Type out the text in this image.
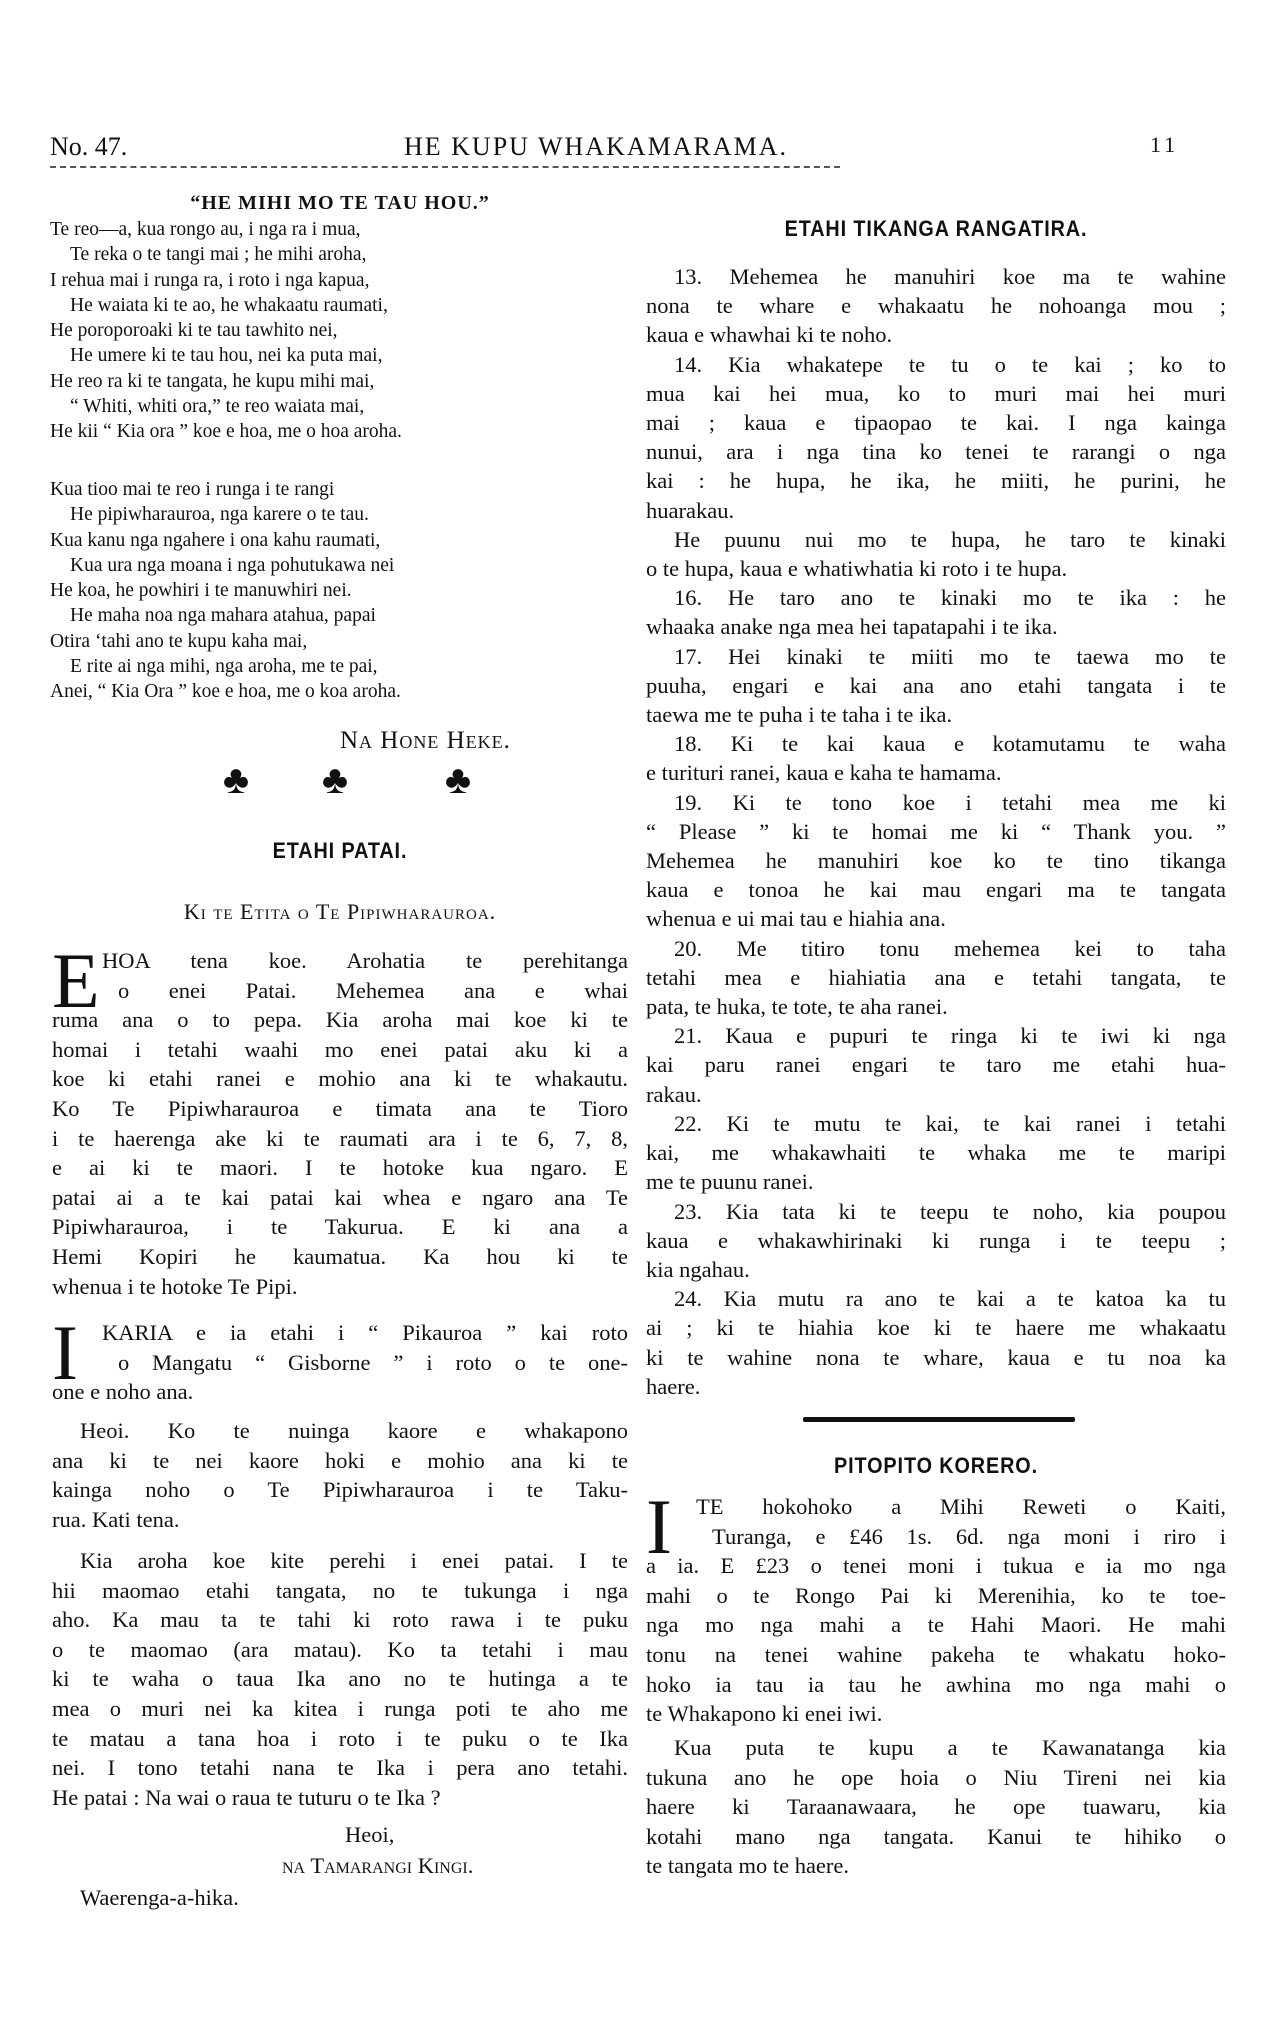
No. 47.	HE KUPU WHAKAMARAMA.	11
“HE MIHI MO TE TAU HOU.”
Te reo—a, kua rongo au, i nga ra i mua,
Te reka o te tangi mai ; he mihi aroha,
I rehua mai i runga ra, i roto i nga kapua,
He waiata ki te ao, he whakaatu raumati,
He poroporoaki ki te tau tawhito nei,
He umere ki te tau hou, nei ka puta mai,
He reo ra ki te tangata, he kupu mihi mai,
“ Whiti, whiti ora,” te reo waiata mai,
He kii “ Kia ora ” koe e hoa, me o hoa aroha.
Kua tioo mai te reo i runga i te rangi
He pipiwharauroa, nga karere o te tau.
Kua kanu nga ngahere i ona kahu raumati,
Kua ura nga moana i nga pohutukawa nei
He koa, he powhiri i te manuwhiri nei.
He maha noa nga mahara atahua, papai
Otira ‘tahi ano te kupu kaha mai,
E rite ai nga mihi, nga aroha, me te pai,
Anei, “ Kia Ora ” koe e hoa, me o koa aroha.
Na Hone Heke.
♣ ♣ ♣
ETAHI PATAI.
Ki te Etita o Te Pipiwharauroa.
E HOA tena koe. Arohatia te perehitanga
o enei Patai. Mehemea ana e whai
ruma ana o to pepa. Kia aroha mai koe ki te
homai i tetahi waahi mo enei patai aku ki a
koe ki etahi ranei e mohio ana ki te whakautu.
Ko Te Pipiwharauroa e timata ana te Tioro
i te haerenga ake ki te raumati ara i te 6, 7, 8,
e ai ki te maori. I te hotoke kua ngaro. E
patai ai a te kai patai kai whea e ngaro ana Te
Pipiwharauroa, i te Takurua. E ki ana a
Hemi Kopiri he kaumatua. Ka hou ki te
whenua i te hotoke Te Pipi.
I	KARIA e ia etahi i “ Pikauroa ” kai roto
o Mangatu “ Gisborne ” i roto o te one-
one e noho ana.
Heoi. Ko te nuinga kaore e whakapono
ana ki te nei kaore hoki e mohio ana ki te
kainga noho o Te Pipiwharauroa i te Taku-
rua. Kati tena.
Kia aroha koe kite perehi i enei patai. I te
hii maomao etahi tangata, no te tukunga i nga
aho. Ka mau ta te tahi ki roto rawa i te puku
o te maomao (ara matau). Ko ta tetahi i mau
ki te waha o taua Ika ano no te hutinga a te
mea o muri nei ka kitea i runga poti te aho me
te matau a tana hoa i roto i te puku o te Ika
nei. I tono tetahi nana te Ika i pera ano tetahi.
He patai : Na wai o raua te tuturu o te Ika ?
Heoi,
na Tamarangi Kingi.
Waerenga-a-hika.
ETAHI TIKANGA RANGATIRA.
13. Mehemea he manuhiri koe ma te wahine
nona te whare e whakaatu he nohoanga mou ;
kaua e whawhai ki te noho.
14. Kia whakatepe te tu o te kai ; ko to
mua kai hei mua, ko to muri mai hei muri
mai ; kaua e tipaopao te kai. I nga kainga
nunui, ara i nga tina ko tenei te rarangi o nga
kai : he hupa, he ika, he miiti, he purini, he
huarakau.
He puunu nui mo te hupa, he taro te kinaki
o te hupa, kaua e whatiwhatia ki roto i te hupa.
16. He taro ano te kinaki mo te ika : he
whaaka anake nga mea hei tapatapahi i te ika.
17. Hei kinaki te miiti mo te taewa mo te
puuha, engari e kai ana ano etahi tangata i te
taewa me te puha i te taha i te ika.
18. Ki te kai kaua e kotamutamu te waha
e turituri ranei, kaua e kaha te hamama.
19. Ki te tono koe i tetahi mea me ki
“ Please ” ki te homai me ki “ Thank you. ”
Mehemea he manuhiri koe ko te tino tikanga
kaua e tonoa he kai mau engari ma te tangata
whenua e ui mai tau e hiahia ana.
20. Me titiro tonu mehemea kei to taha
tetahi mea e hiahiatia ana e tetahi tangata, te
pata, te huka, te tote, te aha ranei.
21. Kaua e pupuri te ringa ki te iwi ki nga
kai paru ranei engari te taro me etahi hua-
rakau.
22. Ki te mutu te kai, te kai ranei i tetahi
kai, me whakawhaiti te whaka me te maripi
me te puunu ranei.
23. Kia tata ki te teepu te noho, kia poupou
kaua e whakawhirinaki ki runga i te teepu ;
kia ngahau.
24. Kia mutu ra ano te kai a te katoa ka tu
ai ; ki te hiahia koe ki te haere me whakaatu
ki te wahine nona te whare, kaua e tu noa ka
haere.
PITOPITO KORERO.
I	TE hokohoko a Mihi Reweti o Kaiti,
Turanga, e £46 1s. 6d. nga moni i riro i
a ia. E £23 o tenei moni i tukua e ia mo nga
mahi o te Rongo Pai ki Merenihia, ko te toe-
nga mo nga mahi a te Hahi Maori. He mahi
tonu na tenei wahine pakeha te whakatu hoko-
hoko ia tau ia tau he awhina mo nga mahi o
te Whakapono ki enei iwi.
Kua puta te kupu a te Kawanatanga kia
tukuna ano he ope hoia o Niu Tireni nei kia
haere ki Taraanawaara, he ope tuawaru, kia
kotahi mano nga tangata. Kanui te hihiko o
te tangata mo te haere.
